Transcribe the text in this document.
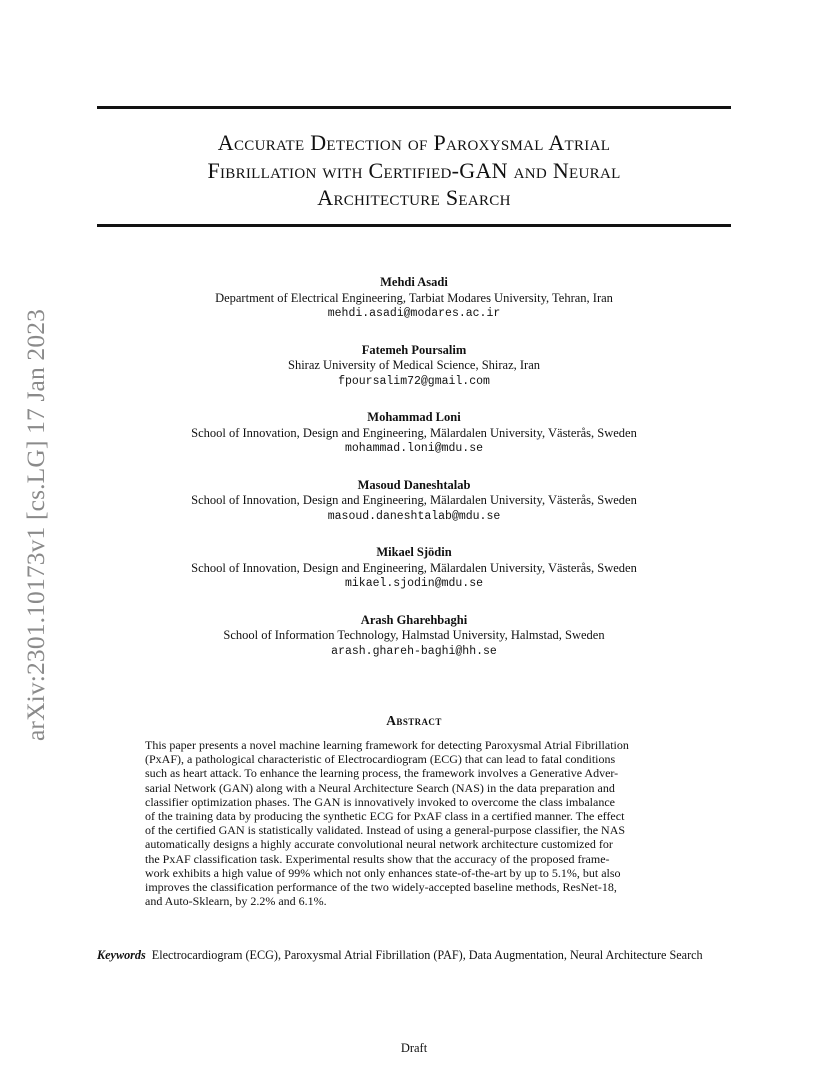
arXiv:2301.10173v1 [cs.LG] 17 Jan 2023
Accurate Detection of Paroxysmal Atrial
Fibrillation with Certified-GAN and Neural
Architecture Search
Mehdi Asadi
Department of Electrical Engineering, Tarbiat Modares University, Tehran, Iran
mehdi.asadi@modares.ac.ir
Fatemeh Poursalim
Shiraz University of Medical Science, Shiraz, Iran
fpoursalim72@gmail.com
Mohammad Loni
School of Innovation, Design and Engineering, Mälardalen University, Västerås, Sweden
mohammad.loni@mdu.se
Masoud Daneshtalab
School of Innovation, Design and Engineering, Mälardalen University, Västerås, Sweden
masoud.daneshtalab@mdu.se
Mikael Sjödin
School of Innovation, Design and Engineering, Mälardalen University, Västerås, Sweden
mikael.sjodin@mdu.se
Arash Gharehbaghi
School of Information Technology, Halmstad University, Halmstad, Sweden
arash.ghareh-baghi@hh.se
Abstract
This paper presents a novel machine learning framework for detecting Paroxysmal Atrial Fibrillation
(PxAF), a pathological characteristic of Electrocardiogram (ECG) that can lead to fatal conditions
such as heart attack. To enhance the learning process, the framework involves a Generative Adver-
sarial Network (GAN) along with a Neural Architecture Search (NAS) in the data preparation and
classifier optimization phases. The GAN is innovatively invoked to overcome the class imbalance
of the training data by producing the synthetic ECG for PxAF class in a certified manner. The effect
of the certified GAN is statistically validated. Instead of using a general-purpose classifier, the NAS
automatically designs a highly accurate convolutional neural network architecture customized for
the PxAF classification task. Experimental results show that the accuracy of the proposed frame-
work exhibits a high value of 99% which not only enhances state-of-the-art by up to 5.1%, but also
improves the classification performance of the two widely-accepted baseline methods, ResNet-18,
and Auto-Sklearn, by 2.2% and 6.1%.
Keywords Electrocardiogram (ECG), Paroxysmal Atrial Fibrillation (PAF), Data Augmentation, Neural Architecture Search
Draft
